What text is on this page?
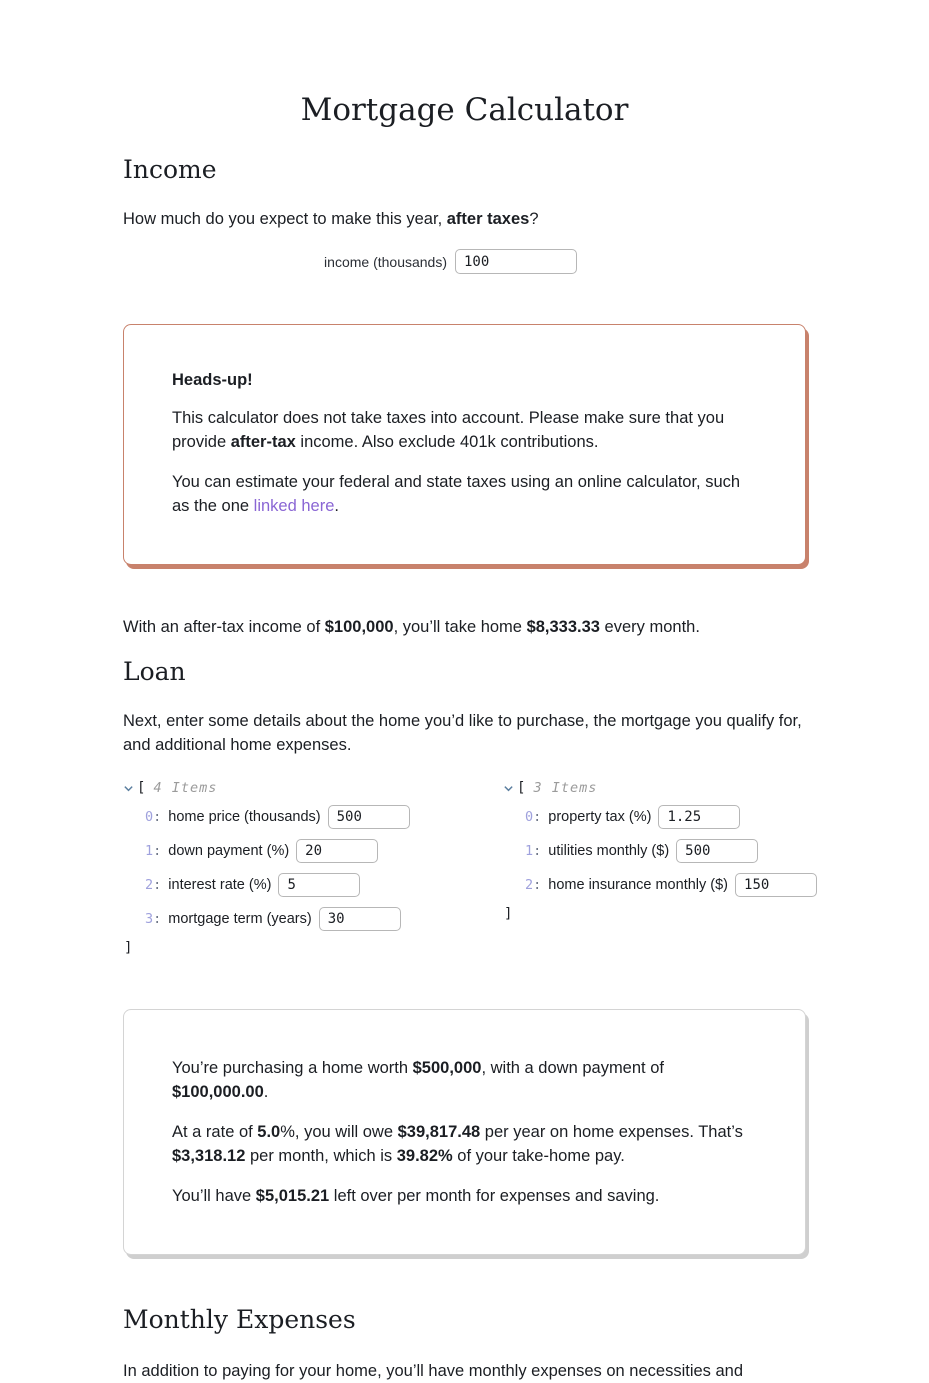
Mortgage Calculator
Income

How much do you expect to make this year, after taxes?

income (thousands)
100
Heads-up!

This calculator does not take taxes into account. Please make sure that you provide after-tax income. Also exclude 401k contributions.

You can estimate your federal and state taxes using an online calculator, such as the one linked here.

With an after-tax income of $100,000, you’ll take home $8,333.33 every month.

Loan

Next, enter some details about the home you’d like to purchase, the mortgage you qualify for, and additional home expenses.

[ 4 Items
0 : home price (thousands)
500
1 : down payment (%)
20
2 : interest rate (%)
5
3 : mortgage term (years)
30
]
[ 3 Items
0 : property tax (%)
1.25
1 : utilities monthly ($)
500
2 : home insurance monthly ($)
150
]

You’re purchasing a home worth $500,000, with a down payment of $100,000.00.

At a rate of 5.0%, you will owe $39,817.48 per year on home expenses. That’s $3,318.12 per month, which is 39.82% of your take-home pay.

You’ll have $5,015.21 left over per month for expenses and saving.

Monthly Expenses

In addition to paying for your home, you’ll have monthly expenses on necessities and
